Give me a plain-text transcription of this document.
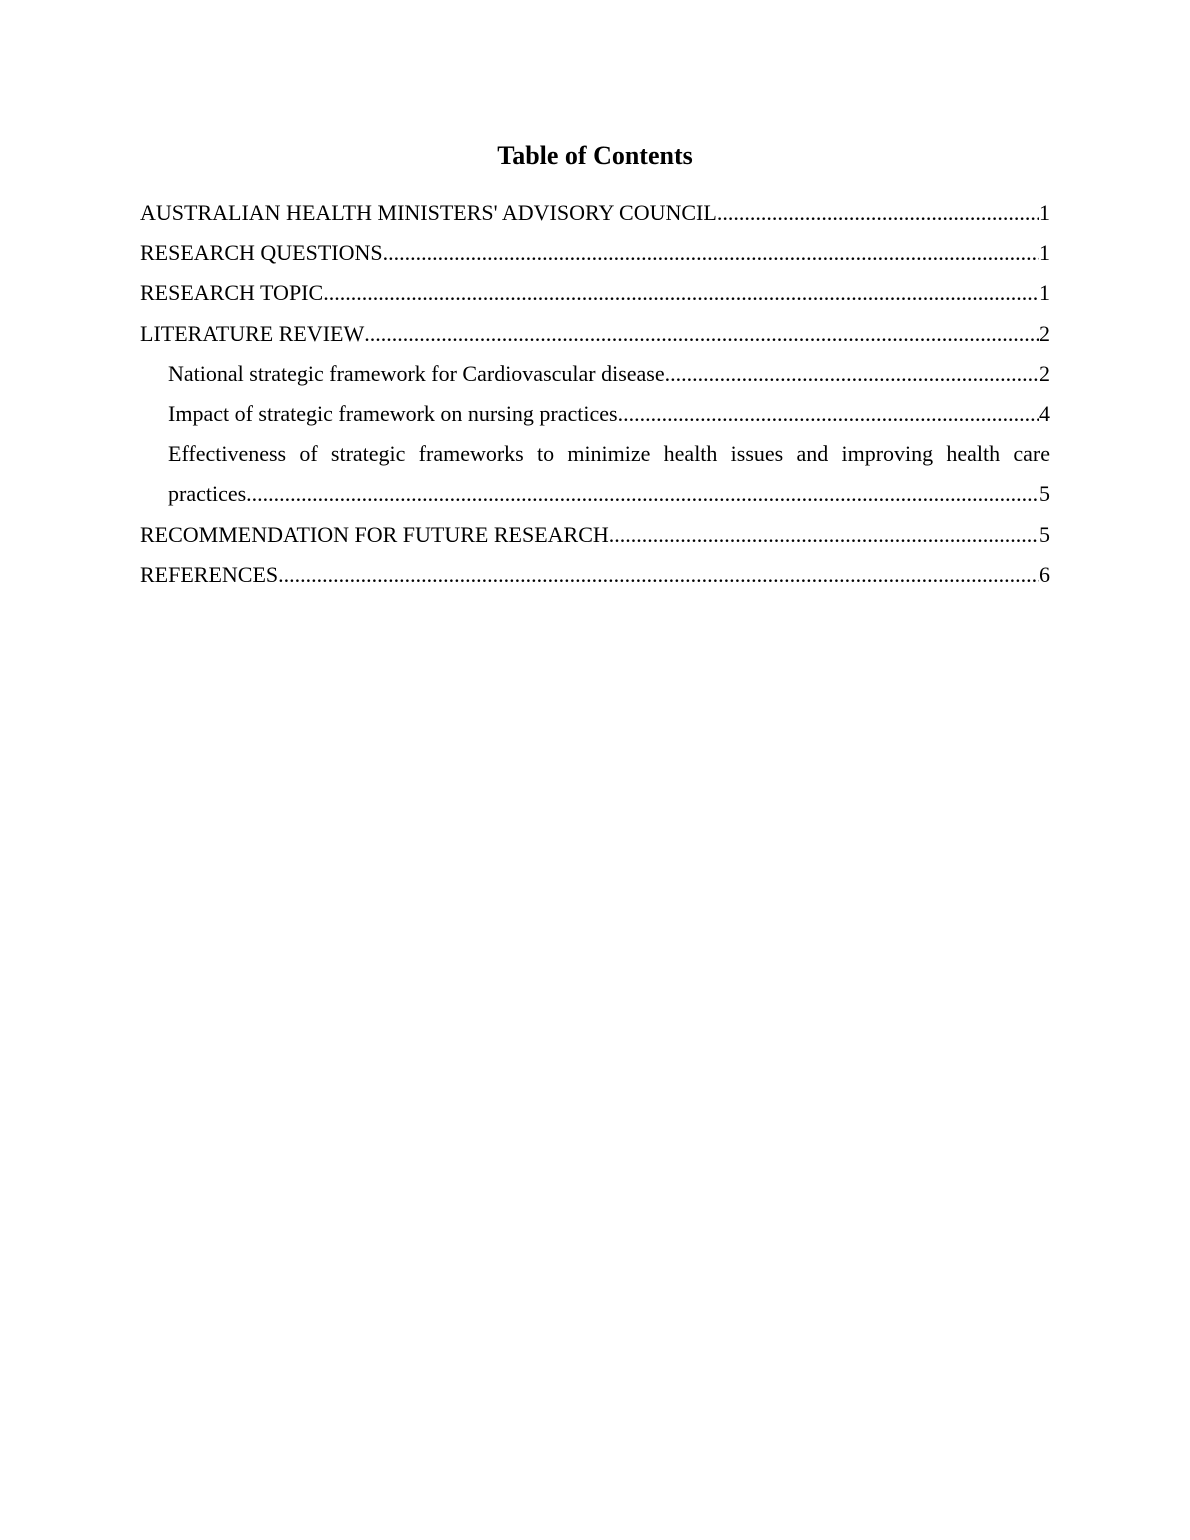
Table of Contents
AUSTRALIAN HEALTH MINISTERS' ADVISORY COUNCIL .....	1
RESEARCH QUESTIONS .....	1
RESEARCH TOPIC .....	1
LITERATURE REVIEW .....	2
National strategic framework for Cardiovascular disease .....	2
Impact of strategic framework on nursing practices .....	4
Effectiveness of strategic frameworks to minimize health issues and improving health care
practices .....	5
RECOMMENDATION FOR FUTURE RESEARCH .....	5
REFERENCES .....	6
